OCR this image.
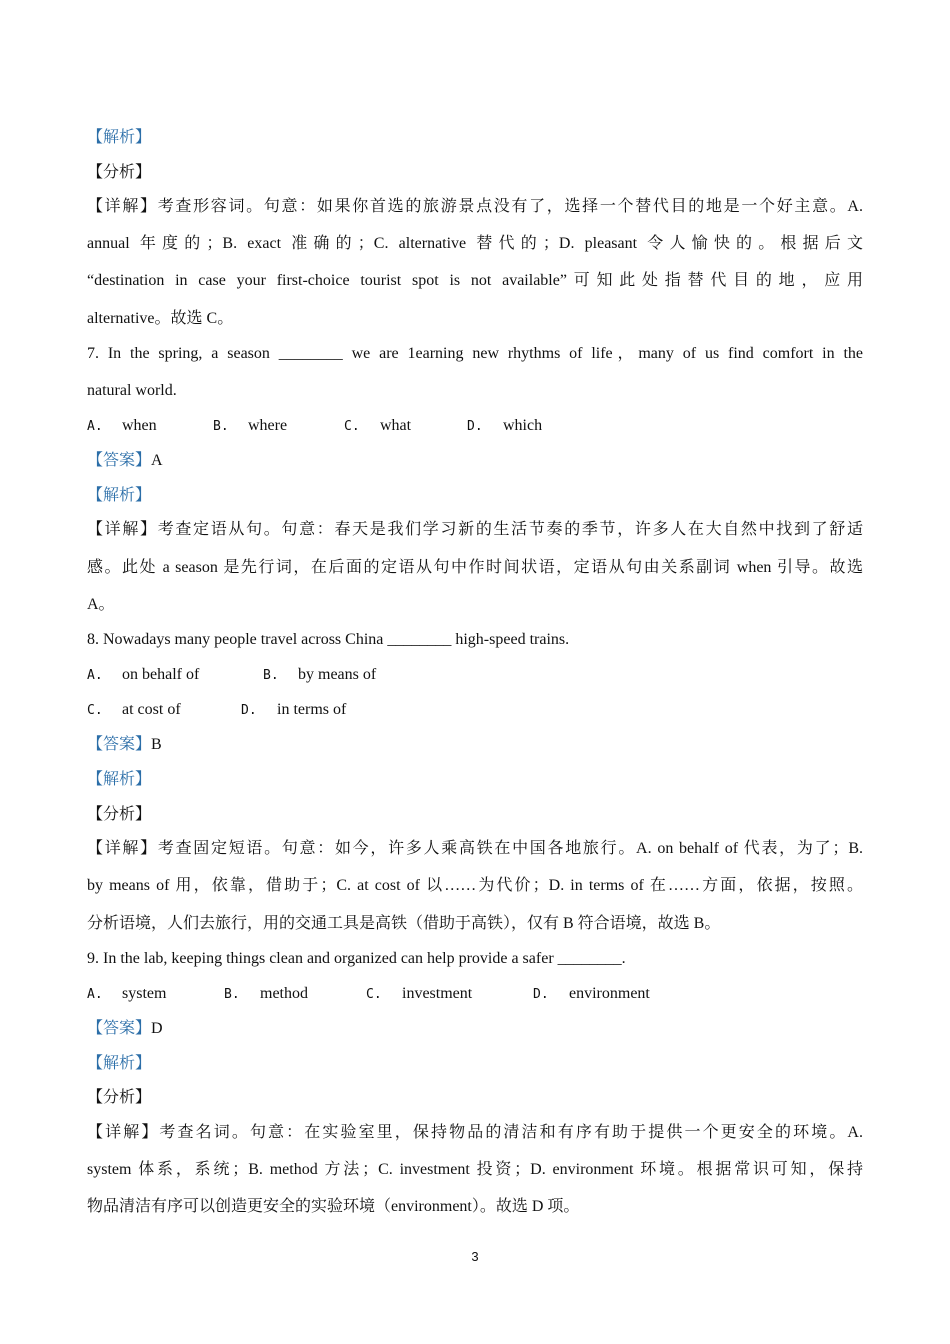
【解析】
【分析】
【详解】考查形容词。句意：如果你首选的旅游景点没有了，选择一个替代目的地是一个好主意。A.
annual 年度的；B. exact 准确的；C. alternative 替代的；D. pleasant 令人愉快的。根据后文
“destination in case your first-choice tourist spot is not available”可知此处指替代目的地，应用
alternative。故选 C。
7. In the spring, a season ________ we are 1earning new rhythms of life，many of us find comfort in the
natural world.
A. when	B. where	C. what	D. which
【答案】A
【解析】
【详解】考查定语从句。句意：春天是我们学习新的生活节奏的季节，许多人在大自然中找到了舒适
感。此处 a season 是先行词，在后面的定语从句中作时间状语，定语从句由关系副词 when 引导。故选
A。
8. Nowadays many people travel across China ________ high-speed trains.
A. on behalf of	B. by means of
C. at cost of	D. in terms of
【答案】B
【解析】
【分析】
【详解】考查固定短语。句意：如今，许多人乘高铁在中国各地旅行。A. on behalf of 代表，为了；B.
by means of 用，依靠，借助于；C. at cost of 以……为代价；D. in terms of 在……方面，依据，按照。
分析语境，人们去旅行，用的交通工具是高铁（借助于高铁），仅有 B 符合语境，故选 B。
9. In the lab, keeping things clean and organized can help provide a safer ________.
A. system	B. method	C. investment	D. environment
【答案】D
【解析】
【分析】
【详解】考查名词。句意：在实验室里，保持物品的清洁和有序有助于提供一个更安全的环境。A.
system 体系，系统；B. method 方法；C. investment 投资；D. environment 环境。根据常识可知，保持
物品清洁有序可以创造更安全的实验环境（environment）。故选 D 项。
3
